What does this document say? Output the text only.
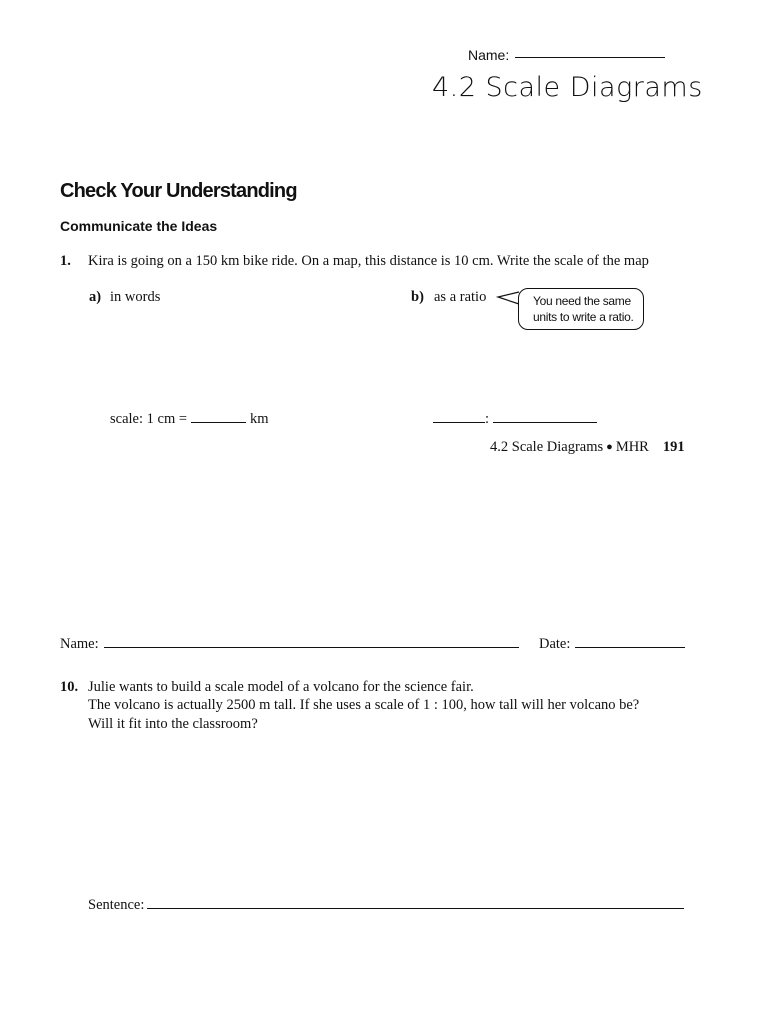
Name:
4.2 Scale Diagrams
Check Your Understanding
Communicate the Ideas
1. Kira is going on a 150 km bike ride. On a map, this distance is 10 cm. Write the scale of the map
a) in words	b) as a ratio	You need the same
units to write a ratio.
scale: 1 cm =	km	:
4.2 Scale Diagrams ● MHR 191
Name:	Date:
10. Julie wants to build a scale model of a volcano for the science fair.
The volcano is actually 2500 m tall. If she uses a scale of 1 : 100, how tall will her volcano be?
Will it fit into the classroom?
Sentence:
